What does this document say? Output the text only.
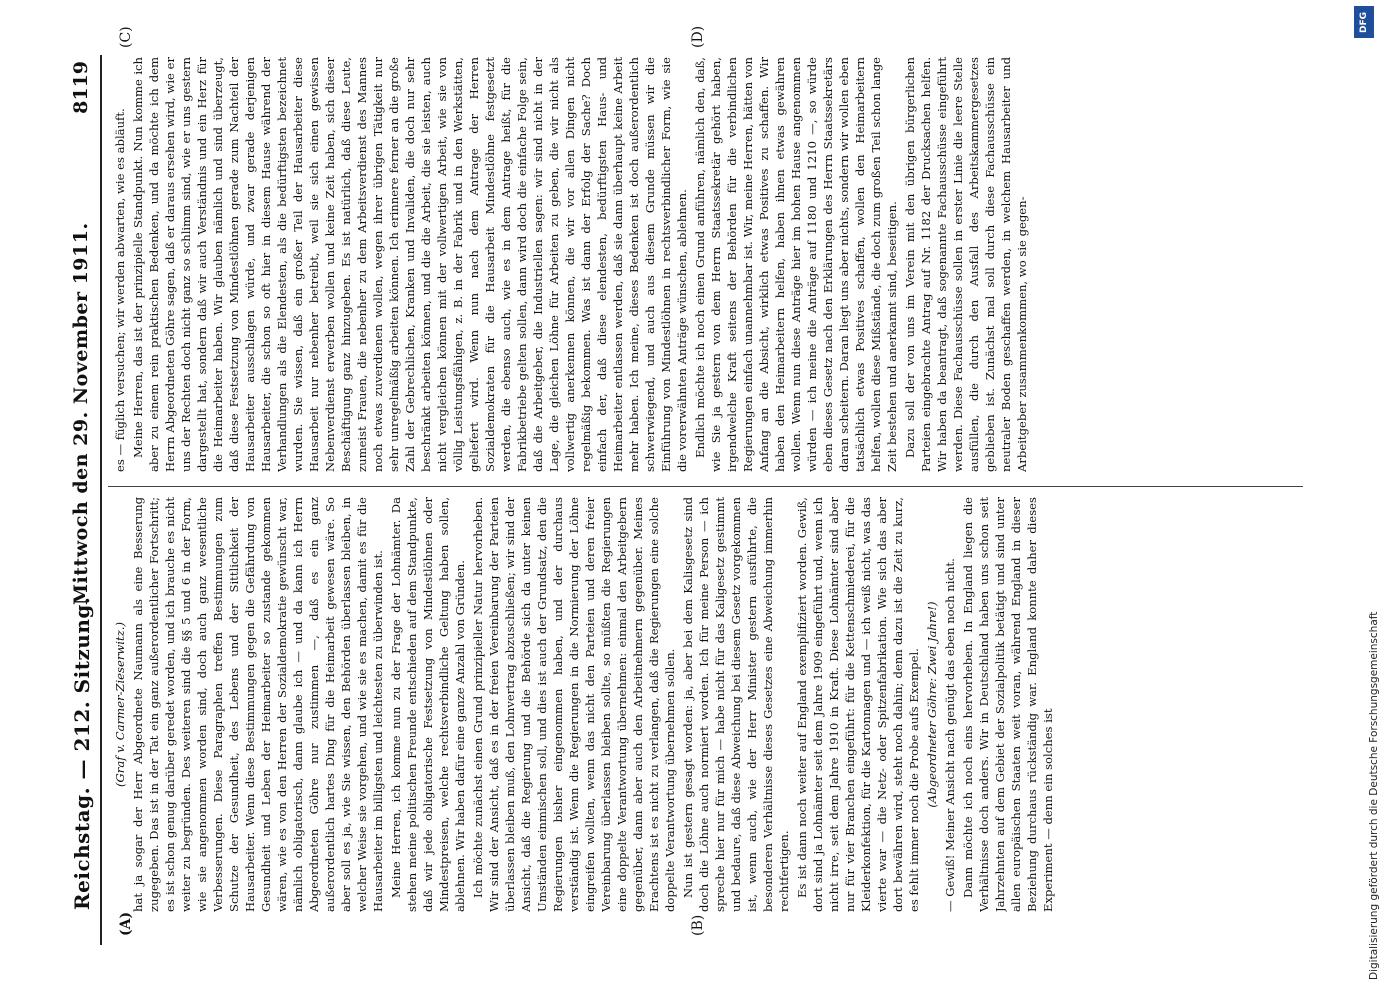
Reichstag. — 212. Sitzung.
Mittwoch den 29. November 1911.
8119
(A)	(B)
(C)	(D)

(Graf v. Carmer-Zieserwitz.) hat ja sogar der Herr Abgeordnete Naumann als eine Besserung zugegeben. Das ist in der Tat ein ganz außerordentlicher Fortschritt; es ist schon genug darüber geredet worden, und ich brauche es nicht weiter zu begründen. Des weiteren sind die §§ 5 und 6 in der Form, wie sie angenommen worden sind, doch auch ganz wesentliche Verbesserungen. Diese Paragraphen treffen Bestimmungen zum Schutze der Gesundheit, des Lebens und der Sittlichkeit der Hausarbeiter. Wenn diese Bestimmungen gegen die Gefährdung von Gesundheit und Leben der Heimarbeiter so zustande gekommen wären, wie es von den Herren der Sozialdemokratie gewünscht war, nämlich obligatorisch, dann glaube ich — und da kann ich Herrn Abgeordneten Göhre nur zustimmen —, daß es ein ganz außerordentlich hartes Ding für die Heimarbeit gewesen wäre. So aber soll es ja, wie Sie wissen, den Behörden überlassen bleiben, in welcher Weise sie vorgehen, und wie sie es machen, damit es für die Hausarbeiter im billigsten und leichtesten zu überwinden ist. Meine Herren, ich komme nun zu der Frage der Lohnämter. Da stehen meine politischen Freunde entschieden auf dem Standpunkte, daß wir jede obligatorische Festsetzung von Mindestlöhnen oder Mindestpreisen, welche rechtsverbindliche Geltung haben sollen, ablehnen. Wir haben dafür eine ganze Anzahl von Gründen. Ich möchte zunächst einen Grund prinzipieller Natur hervorheben. Wir sind der Ansicht, daß es in der freien Vereinbarung der Parteien überlassen bleiben muß, den Lohnvertrag abzuschließen; wir sind der Ansicht, daß die Regierung und die Behörde sich da unter keinen Umständen einmischen soll, und dies ist auch der Grundsatz, den die Regierungen bisher eingenommen haben, und der durchaus verständig ist. Wenn die Regierungen in die Normierung der Löhne eingreifen wollten, wenn das nicht den Parteien und deren freier Vereinbarung überlassen bleiben sollte, so müßten die Regierungen eine doppelte Verantwortung übernehmen: einmal den Arbeitgebern gegenüber, dann aber auch den Arbeitnehmern gegenüber. Meines Erachtens ist es nicht zu verlangen, daß die Regierungen eine solche doppelte Verantwortung übernehmen sollen. Nun ist gestern gesagt worden: ja, aber bei dem Kalisgesetz sind doch die Löhne auch normiert worden. Ich für meine Person — ich spreche hier nur für mich — habe nicht für das Kaligesetz gestimmt und bedaure, daß diese Abweichung bei diesem Gesetz vorgekommen ist, wenn auch, wie der Herr Minister gestern ausführte, die besonderen Verhältnisse dieses Gesetzes eine Abweichung immerhin rechtfertigen. Es ist dann noch weiter auf England exemplifiziert worden. Gewiß, dort sind ja Lohnämter seit dem Jahre 1909 eingeführt und, wenn ich nicht irre, seit dem Jahre 1910 in Kraft. Diese Lohnämter sind aber nur für vier Branchen eingeführt: für die Kettenschmiederei, für die Kleiderkonfektion, für die Kartonnagen und — ich weiß nicht, was das vierte war — die Netz- oder Spitzenfabrikation. Wie sich das aber dort bewähren wird, steht noch dahin; denn dazu ist die Zeit zu kurz, es fehlt immer noch die Probe aufs Exempel. (Abgeordneter Göhre: Zwei Jahre!) — Gewiß! Meiner Ansicht nach genügt das eben noch nicht. Dann möchte ich noch eins hervorheben. In England liegen die Verhältnisse doch anders. Wir in Deutschland haben uns schon seit Jahrzehnten auf dem Gebiet der Sozialpolitik betätigt und sind unter allen europäischen Staaten weit voran, während England in dieser Beziehung durchaus rückständig war. England konnte daher dieses Experiment — denn ein solches ist

es — füglich versuchen; wir werden abwarten, wie es abläuft. Meine Herren, das ist der prinzipielle Standpunkt. Nun komme ich aber zu einem rein praktischen Bedenken, und da möchte ich dem Herrn Abgeordneten Göhre sagen, daß er daraus ersehen wird, wie er uns der Rechten doch nicht ganz so schlimm sind, wie er uns gestern dargestellt hat, sondern daß wir auch Verständnis und ein Herz für die Heimarbeiter haben. Wir glauben nämlich und sind überzeugt, daß diese Festsetzung von Mindestlöhnen gerade zum Nachteil der Hausarbeiter ausschlagen würde, und zwar gerade derjenigen Hausarbeiter, die schon so oft hier in diesem Hause während der Verhandlungen als die Elendesten, als die bedürftigsten bezeichnet wurden. Sie wissen, daß ein großer Teil der Hausarbeiter diese Hausarbeit nur nebenher betreibt, weil sie sich einen gewissen Nebenverdienst erwerben wollen und keine Zeit haben, sich dieser Beschäftigung ganz hinzugeben. Es ist natürlich, daß diese Leute, zumeist Frauen, die nebenher zu dem Arbeitsverdienst des Mannes noch etwas zuverdienen wollen, wegen ihrer übrigen Tätigkeit nur sehr unregelmäßig arbeiten können. Ich erinnere ferner an die große Zahl der Gebrechlichen, Kranken und Invaliden, die doch nur sehr beschränkt arbeiten können, und die die Arbeit, die sie leisten, auch nicht vergleichen können mit der vollwertigen Arbeit, wie sie von völlig Leistungsfähigen, z. B. in der Fabrik und in den Werkstätten, geliefert wird. Wenn nun nach dem Antrage der Herren Sozialdemokraten für die Hausarbeit Mindestlöhne festgesetzt werden, die ebenso auch, wie es in dem Antrage heißt, für die Fabrikbetriebe gelten sollen, dann wird doch die einfache Folge sein, daß die Arbeitgeber, die Industriellen sagen: wir sind nicht in der Lage, die gleichen Löhne für Arbeiten zu geben, die wir nicht als vollwertig anerkennen können, die wir vor allen Dingen nicht regelmäßig bekommen. Was ist dann der Erfolg der Sache? Doch einfach der, daß diese elendesten, bedürftigsten Haus- und Heimarbeiter entlassen werden, daß sie dann überhaupt keine Arbeit mehr haben. Ich meine, dieses Bedenken ist doch außerordentlich schwerwiegend, und auch aus diesem Grunde müssen wir die Einführung von Mindestlöhnen in rechtsverbindlicher Form, wie sie die vorerwähnten Anträge wünschen, ablehnen. Endlich möchte ich noch einen Grund anführen, nämlich den, daß, wie Sie ja gestern von dem Herrn Staatssekretär gehört haben, irgendwelche Kraft seitens der Behörden für die verbindlichen Regierungen einfach unannehmbar ist. Wir, meine Herren, hätten von Anfang an die Absicht, wirklich etwas Positives zu schaffen. Wir haben den Heimarbeitern helfen, haben ihnen etwas gewähren wollen. Wenn nun diese Anträge hier im hohen Hause angenommen würden — ich meine die Anträge auf 1180 und 1210 —, so würde eben dieses Gesetz nach den Erklärungen des Herrn Staatssekretärs daran scheitern. Daran liegt uns aber nichts, sondern wir wollen eben tatsächlich etwas Positives schaffen, wollen den Heimarbeitern helfen, wollen diese Mißstände, die doch zum großen Teil schon lange Zeit bestehen und anerkannt sind, beseitigen. Dazu soll der von uns im Verein mit den übrigen bürgerlichen Parteien eingebrachte Antrag auf Nr. 1182 der Drucksachen helfen. Wir haben da beantragt, daß sogenannte Fachausschüsse eingeführt werden. Diese Fachausschüsse sollen in erster Linie die leere Stelle ausfüllen, die durch den Ausfall des Arbeitskammergesetzes geblieben ist. Zunächst mal soll durch diese Fachausschüsse ein neutraler Boden geschaffen werden, in welchem Hausarbeiter und Arbeitgeber zusammenkommen, wo sie gegen-

DFG
Digitalisierung gefördert durch die Deutsche Forschungsgemeinschaft
